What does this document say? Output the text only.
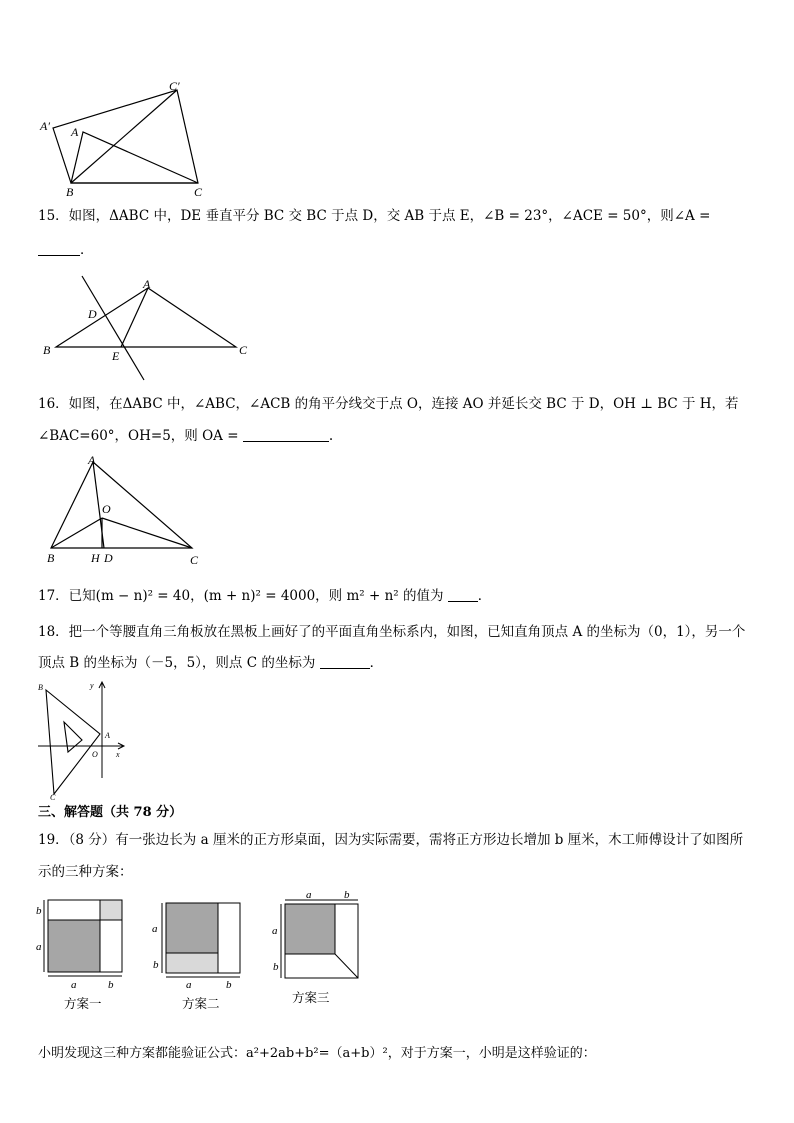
C′
A′ A
B	C
15．如图，ΔABC 中，DE 垂直平分 BC 交 BC 于点 D，交 AB 于点 E，∠B = 23°，∠ACE = 50°，则∠A =
．
A
D
B	E	C
16．如图，在ΔABC 中，∠ABC，∠ACB 的角平分线交于点 O，连接 AO 并延长交 BC 于 D，OH ⊥ BC 于 H，若
∠BAC=60°，OH=5，则 OA =	.
A
O
B	H D	C
17．已知(m − n)² = 40，(m + n)² = 4000，则 m² + n² 的值为	．
18．把一个等腰直角三角板放在黑板上画好了的平面直角坐标系内，如图，已知直角顶点 A 的坐标为（0，1），另一个
顶点 B 的坐标为（－5，5），则点 C 的坐标为	．
B	y
A
O x
C
三、解答题（共 78 分）
19．（8 分）有一张边长为 a 厘米的正方形桌面，因为实际需要，需将正方形边长增加 b 厘米，木工师傅设计了如图所
示的三种方案：
b
a
a	b
方案一
a
b
a	b
方案二
a	b
a
b
方案三
小明发现这三种方案都能验证公式：a²+2ab+b²=（a+b）²，对于方案一，小明是这样验证的：
